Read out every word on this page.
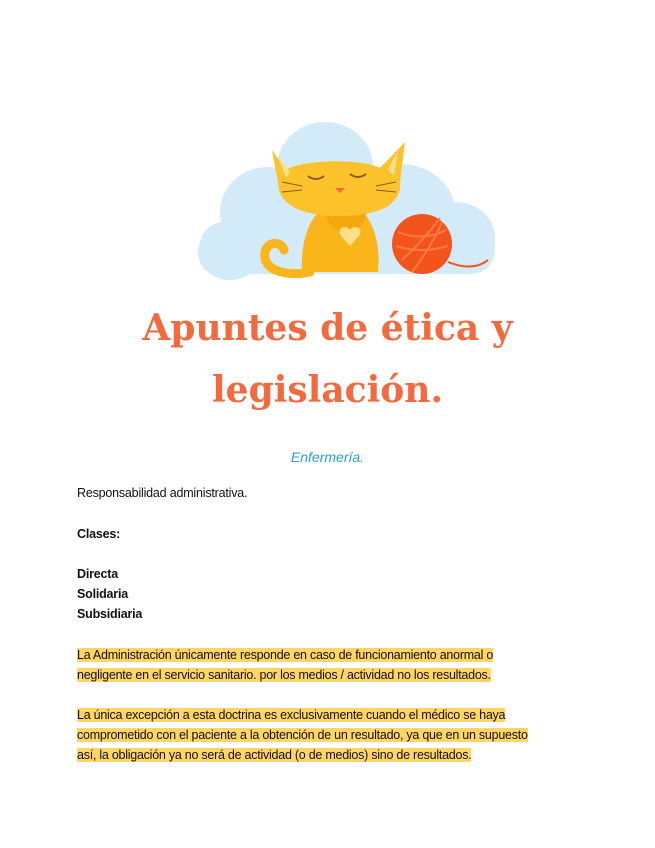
Apuntes de ética y
legislación.

Enfermería.

Responsabilidad administrativa.

Clases:

Directa

Solidaria

Subsidiaria

La Administración únicamente responde en caso de funcionamiento anormal o
negligente en el servicio sanitario. por los medios / actividad no los resultados.
La única excepción a esta doctrina es exclusivamente cuando el médico se haya
comprometido con el paciente a la obtención de un resultado, ya que en un supuesto
así, la obligación ya no será de actividad (o de medios) sino de resultados.
